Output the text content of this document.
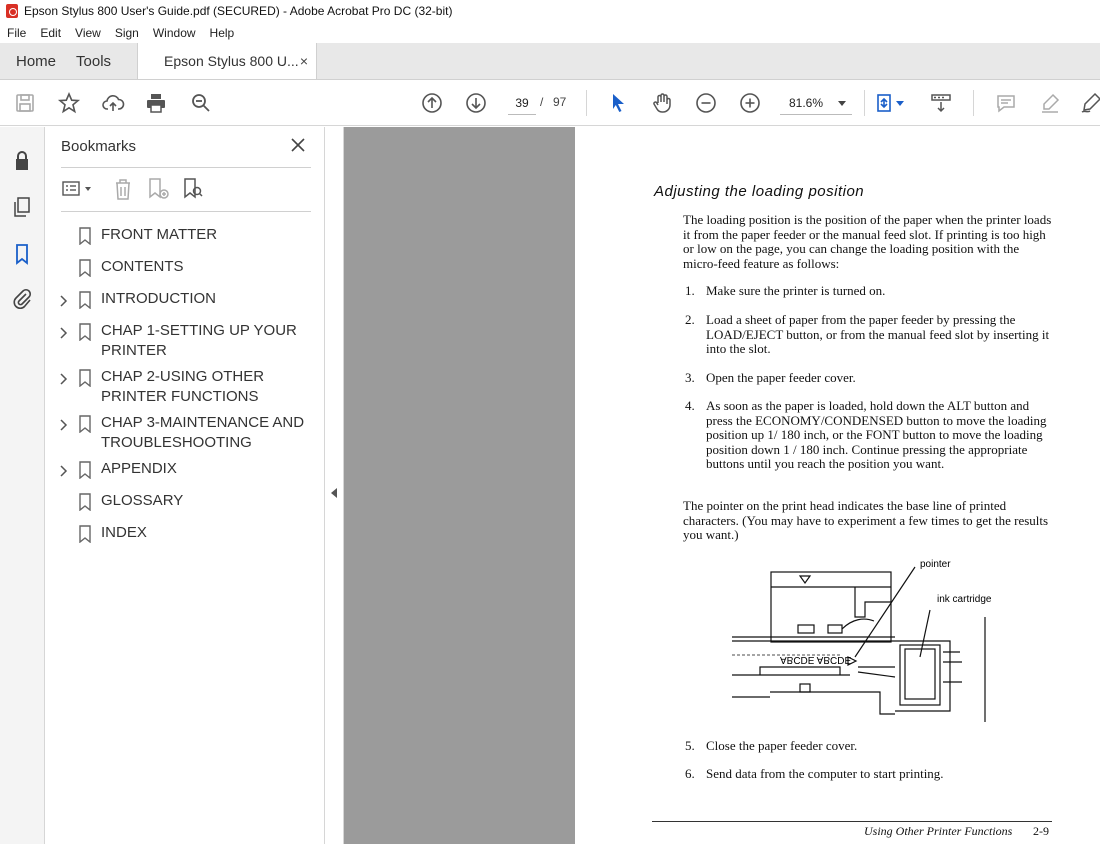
Epson Stylus 800 User's Guide.pdf (SECURED) - Adobe Acrobat Pro DC (32-bit)
File	Edit	View	Sign	Window	Help
Home	Tools	Epson Stylus 800 U... ×
39 / 97	81.6%
Bookmarks
FRONT MATTER
CONTENTS
INTRODUCTION
CHAP 1-SETTING UP YOUR PRINTER
CHAP 2-USING OTHER PRINTER FUNCTIONS
CHAP 3-MAINTENANCE AND TROUBLESHOOTING
APPENDIX
GLOSSARY
INDEX
Adjusting the loading position
The loading position is the position of the paper when the printer loads it from the paper feeder or the manual feed slot. If printing is too high or low on the page, you can change the loading position with the micro-feed feature as follows:
1. Make sure the printer is turned on.
2. Load a sheet of paper from the paper feeder by pressing the LOAD/EJECT button, or from the manual feed slot by inserting it into the slot.
3. Open the paper feeder cover.
4. As soon as the paper is loaded, hold down the ALT button and press the ECONOMY/CONDENSED button to move the loading position up 1/ 180 inch, or the FONT button to move the loading position down 1 / 180 inch. Continue pressing the appropriate buttons until you reach the position you want.
The pointer on the print head indicates the base line of printed characters. (You may have to experiment a few times to get the results you want.)
ABCDE ABCDE
pointer
ink cartridge
5. Close the paper feeder cover.
6. Send data from the computer to start printing.
Using Other Printer Functions 2-9
